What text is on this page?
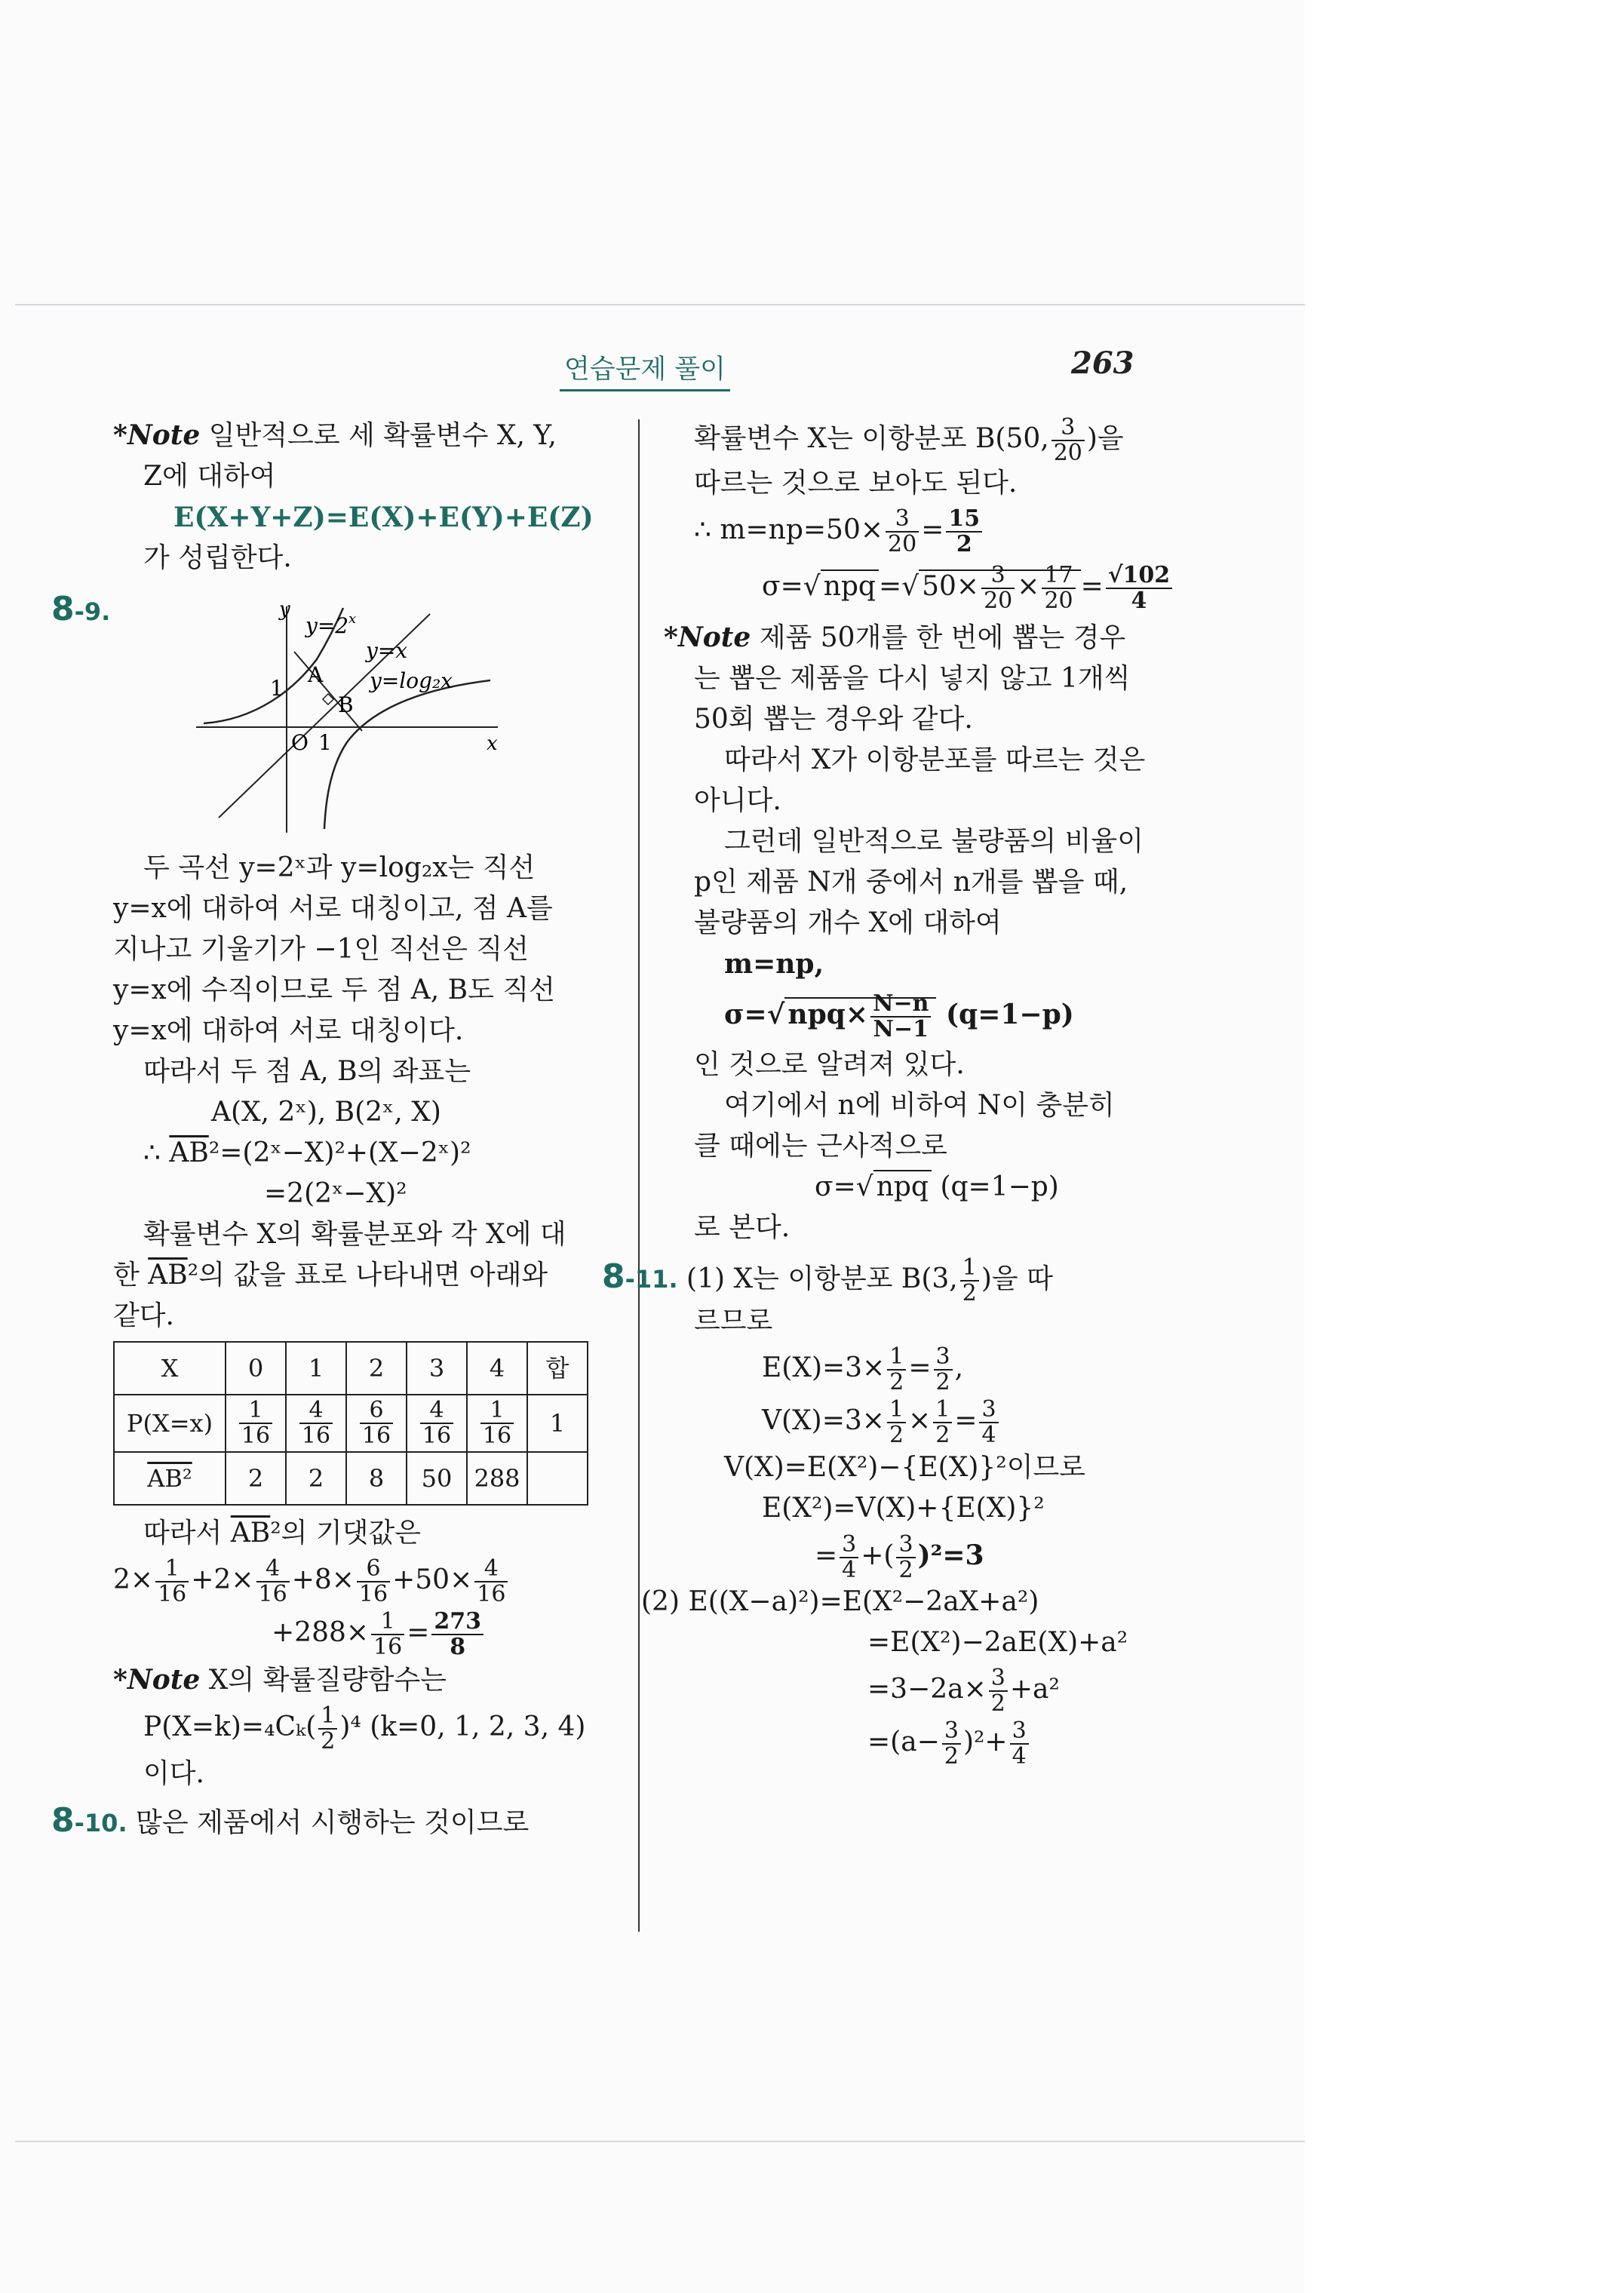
연습문제 풀이	263
*Note 일반적으로 세 확률변수 X, Y,
Z에 대하여
E(X+Y+Z)=E(X)+E(Y)+E(Z)
가 성립한다.
8-9.	y
x
y=2 x
y=x
y=log₂x
A
B
O 1
1
두 곡선 y=2ˣ과 y=log₂x는 직선
y=x에 대하여 서로 대칭이고, 점 A를
지나고 기울기가 −1인 직선은 직선
y=x에 수직이므로 두 점 A, B도 직선
y=x에 대하여 서로 대칭이다.
따라서 두 점 A, B의 좌표는
A(X, 2ˣ), B(2ˣ, X)
∴ $\overline{AB}^2=(2ˣ-X)^2+(X-2ˣ)^2$
=2(2ˣ−X)²
확률변수 X의 확률분포와 각 X에 대
한 $\overline{AB}^2$의 값을 표로 나타내면 아래와
같다.
X	0	1	2	3	4	합
P(X=x)	$\frac{1}{16}$	$\frac{4}{16}$	$\frac{6}{16}$	$\frac{4}{16}$	$\frac{1}{16}$	1
AB²	2	2	8	50	288	
따라서 $\overline{AB}^2$의 기댓값은
$2\times \frac{1}{16} +2\times \frac{4}{16} +8\times \frac{6}{16} +50\times \frac{4}{16}$
$+288\times \frac{1}{16} = \frac{273}{8}$
*Note X의 확률질량함수는
$P(X=k)=_4C_k( \frac{1}{2} )^4$ (k=0, 1, 2, 3, 4)
이다.
8-10. 많은 제품에서 시행하는 것이므로
확률변수 X는 이항분포 B(50, $\frac{3}{20}$ )을
따르는 것으로 보아도 된다.
∴ $m=np=50\times \frac{3}{20} = \frac{15}{2}$
σ=√ npq =√ $50\times \frac{3}{20} \times \frac{17}{20} = \frac{√102}{4}$
*Note 제품 50개를 한 번에 뽑는 경우
는 뽑은 제품을 다시 넣지 않고 1개씩
50회 뽑는 경우와 같다.
따라서 X가 이항분포를 따르는 것은
아니다.
그런데 일반적으로 불량품의 비율이
p인 제품 N개 중에서 n개를 뽑을 때,
불량품의 개수 X에 대하여
m=np,
σ=√ $npq\times \frac{N-n}{N-1} (q=1-p)$
인 것으로 알려져 있다.
여기에서 n에 비하여 N이 충분히
클 때에는 근사적으로
σ=√ npq (q=1−p)
로 본다.
8-11. (1) X는 이항분포 B(3, $\frac{1}{2}$ )을 따
르므로
$E(X)=3\times \frac{1}{2} = \frac{3}{2}$ ,
$V(X)=3\times \frac{1}{2} \times \frac{1}{2} = \frac{3}{4}$
V(X)=E(X²)−{E(X)}²이므로
E(X²)=V(X)+{E(X)}²
= $\frac{3}{4}$ +( $\frac{3}{2} )^2=3$
(2) E((X−a)²)=E(X²−2aX+a²)
=E(X²)−2aE(X)+a²
$=3-2a\times \frac{3}{2} +a^2$
$=(a- \frac{3}{2} )^2+ \frac{3}{4}$
